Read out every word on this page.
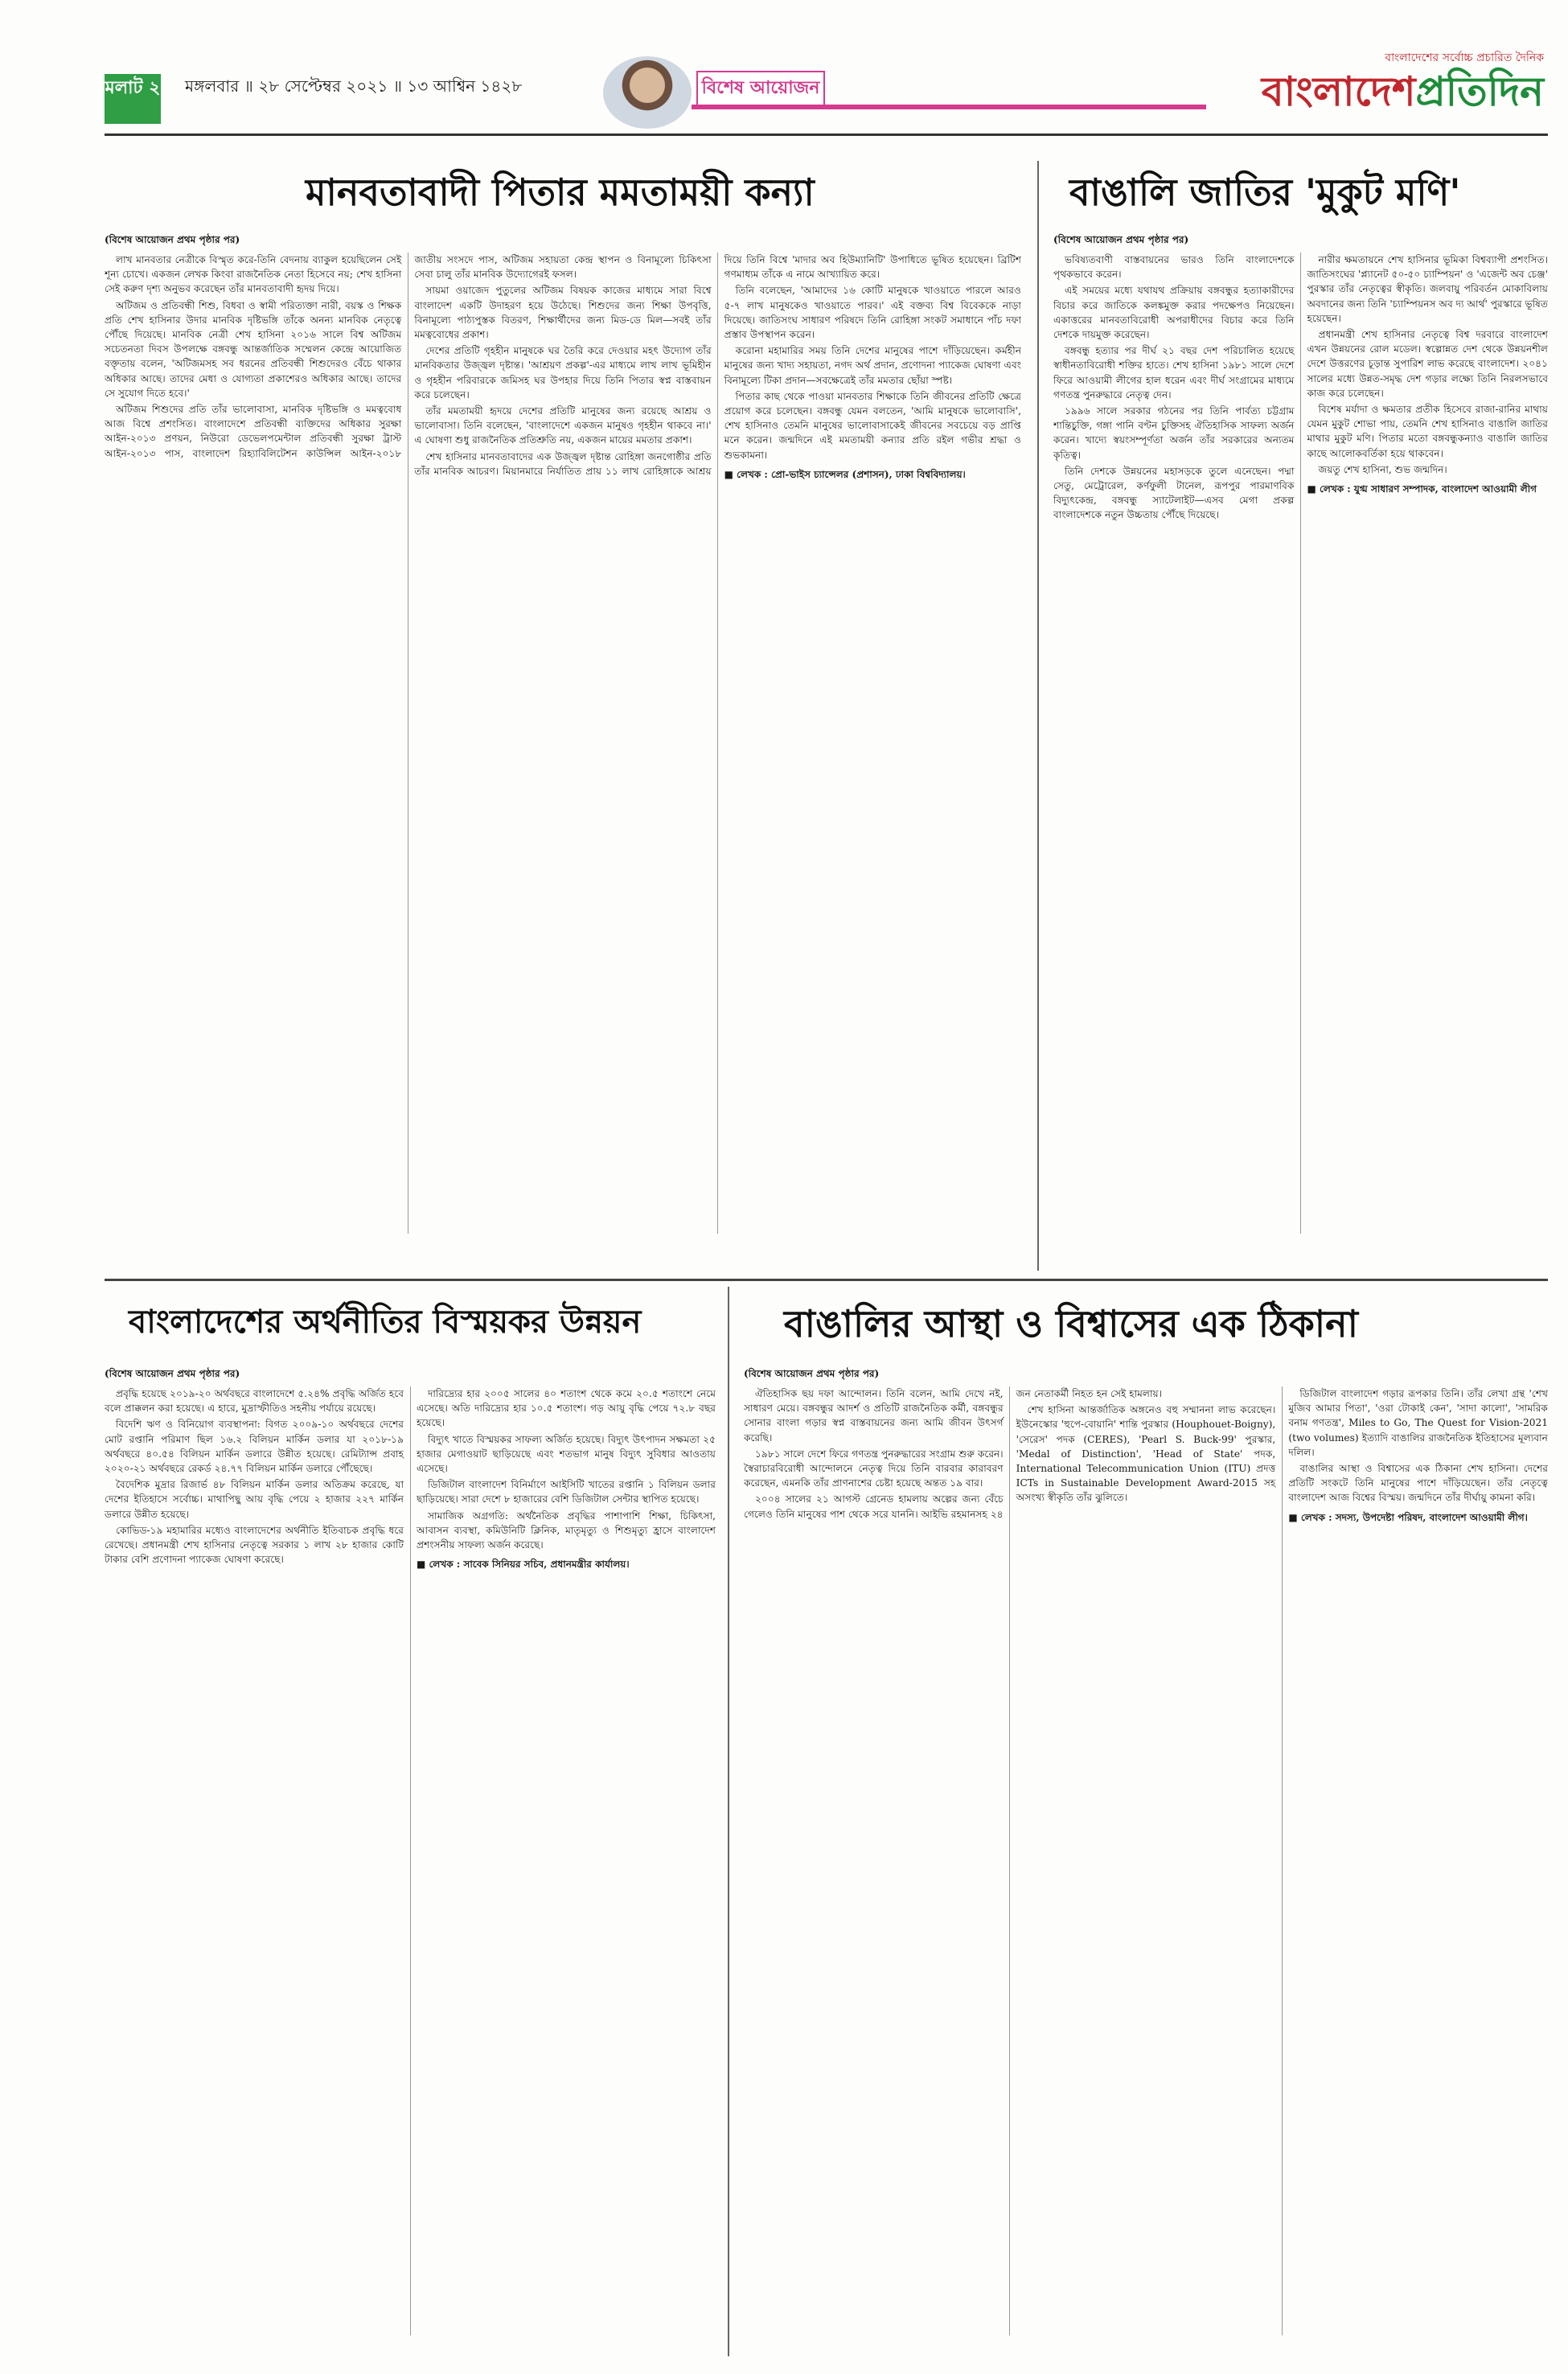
মলাট ২ মঙ্গলবার ॥ ২৮ সেপ্টেম্বর ২০২১ ॥ ১৩ আশ্বিন ১৪২৮	বিশেষ আয়োজন
বাংলাদেশের সর্বোচ্চ প্রচারিত দৈনিক
বাংলাদেশপ্রতিদিন
মানবতাবাদী পিতার মমতাময়ী কন্যা
(বিশেষ আয়োজন প্রথম পৃষ্ঠার পর)

লাখ মানবতার নেত্রীকে বিস্মৃত করে-তিনি বেদনায় ব্যাকুল হয়েছিলেন সেই শূন্য চোখে। একজন লেখক কিংবা রাজনৈতিক নেতা হিসেবে নয়; শেখ হাসিনা সেই করুণ দৃশ্য অনুভব করেছেন তাঁর মানবতাবাদী হৃদয় দিয়ে।

অটিজম ও প্রতিবন্ধী শিশু, বিধবা ও স্বামী পরিত্যক্তা নারী, বয়স্ক ও শিক্ষক প্রতি শেখ হাসিনার উদার মানবিক দৃষ্টিভঙ্গি তাঁকে অনন্য মানবিক নেতৃত্বে পৌঁছে দিয়েছে। মানবিক নেত্রী শেখ হাসিনা ২০১৬ সালে বিশ্ব অটিজম সচেতনতা দিবস উপলক্ষে বঙ্গবন্ধু আন্তর্জাতিক সম্মেলন কেন্দ্রে আয়োজিত বক্তৃতায় বলেন, 'অটিজমসহ সব ধরনের প্রতিবন্ধী শিশুদেরও বেঁচে থাকার অধিকার আছে। তাদের মেধা ও যোগ্যতা প্রকাশেরও অধিকার আছে। তাদের সে সুযোগ দিতে হবে।'

অটিজম শিশুদের প্রতি তাঁর ভালোবাসা, মানবিক দৃষ্টিভঙ্গি ও মমত্ববোধ আজ বিশ্বে প্রশংসিত। বাংলাদেশে প্রতিবন্ধী ব্যক্তিদের অধিকার সুরক্ষা আইন-২০১৩ প্রণয়ন, নিউরো ডেভেলপমেন্টাল প্রতিবন্ধী সুরক্ষা ট্রাস্ট আইন-২০১৩ পাস, বাংলাদেশ রিহ্যাবিলিটেশন কাউন্সিল আইন-২০১৮ জাতীয় সংসদে পাস, অটিজম সহায়তা কেন্দ্র স্থাপন ও বিনামূল্যে চিকিৎসা সেবা চালু তাঁর মানবিক উদ্যোগেরই ফসল।

সায়মা ওয়াজেদ পুতুলের অটিজম বিষয়ক কাজের মাধ্যমে সারা বিশ্বে বাংলাদেশ একটি উদাহরণ হয়ে উঠেছে। শিশুদের জন্য শিক্ষা উপবৃত্তি, বিনামূল্যে পাঠ্যপুস্তক বিতরণ, শিক্ষার্থীদের জন্য মিড-ডে মিল—সবই তাঁর মমত্ববোধের প্রকাশ।

দেশের প্রতিটি গৃহহীন মানুষকে ঘর তৈরি করে দেওয়ার মহৎ উদ্যোগ তাঁর মানবিকতার উজ্জ্বল দৃষ্টান্ত। 'আশ্রয়ণ প্রকল্প'-এর মাধ্যমে লাখ লাখ ভূমিহীন ও গৃহহীন পরিবারকে জমিসহ ঘর উপহার দিয়ে তিনি পিতার স্বপ্ন বাস্তবায়ন করে চলেছেন।

তাঁর মমতাময়ী হৃদয়ে দেশের প্রতিটি মানুষের জন্য রয়েছে আশ্রয় ও ভালোবাসা। তিনি বলেছেন, 'বাংলাদেশে একজন মানুষও গৃহহীন থাকবে না।' এ ঘোষণা শুধু রাজনৈতিক প্রতিশ্রুতি নয়, একজন মায়ের মমতার প্রকাশ।

শেখ হাসিনার মানবতাবাদের এক উজ্জ্বল দৃষ্টান্ত রোহিঙ্গা জনগোষ্ঠীর প্রতি তাঁর মানবিক আচরণ। মিয়ানমারে নির্যাতিত প্রায় ১১ লাখ রোহিঙ্গাকে আশ্রয় দিয়ে তিনি বিশ্বে 'মাদার অব হিউম্যানিটি' উপাধিতে ভূষিত হয়েছেন। ব্রিটিশ গণমাধ্যম তাঁকে এ নামে আখ্যায়িত করে।

তিনি বলেছেন, 'আমাদের ১৬ কোটি মানুষকে খাওয়াতে পারলে আরও ৫-৭ লাখ মানুষকেও খাওয়াতে পারব।' এই বক্তব্য বিশ্ব বিবেককে নাড়া দিয়েছে। জাতিসংঘ সাধারণ পরিষদে তিনি রোহিঙ্গা সংকট সমাধানে পাঁচ দফা প্রস্তাব উপস্থাপন করেন।

করোনা মহামারির সময় তিনি দেশের মানুষের পাশে দাঁড়িয়েছেন। কর্মহীন মানুষের জন্য খাদ্য সহায়তা, নগদ অর্থ প্রদান, প্রণোদনা প্যাকেজ ঘোষণা এবং বিনামূল্যে টিকা প্রদান—সবক্ষেত্রেই তাঁর মমতার ছোঁয়া স্পষ্ট।

পিতার কাছ থেকে পাওয়া মানবতার শিক্ষাকে তিনি জীবনের প্রতিটি ক্ষেত্রে প্রয়োগ করে চলেছেন। বঙ্গবন্ধু যেমন বলতেন, 'আমি মানুষকে ভালোবাসি', শেখ হাসিনাও তেমনি মানুষের ভালোবাসাকেই জীবনের সবচেয়ে বড় প্রাপ্তি মনে করেন। জন্মদিনে এই মমতাময়ী কন্যার প্রতি রইল গভীর শ্রদ্ধা ও শুভকামনা।

■ লেখক : প্রো-ভাইস চ্যান্সেলর (প্রশাসন), ঢাকা বিশ্ববিদ্যালয়।
বাঙালি জাতির 'মুকুট মণি'
(বিশেষ আয়োজন প্রথম পৃষ্ঠার পর)

ভবিষ্যতবাণী বাস্তবায়নের ভারও তিনি বাংলাদেশকে পৃথকভাবে করেন।

এই সময়ের মধ্যে যথাযথ প্রক্রিয়ায় বঙ্গবন্ধুর হত্যাকারীদের বিচার করে জাতিকে কলঙ্কমুক্ত করার পদক্ষেপও নিয়েছেন। একাত্তরের মানবতাবিরোধী অপরাধীদের বিচার করে তিনি দেশকে দায়মুক্ত করেছেন।

বঙ্গবন্ধু হত্যার পর দীর্ঘ ২১ বছর দেশ পরিচালিত হয়েছে স্বাধীনতাবিরোধী শক্তির হাতে। শেখ হাসিনা ১৯৮১ সালে দেশে ফিরে আওয়ামী লীগের হাল ধরেন এবং দীর্ঘ সংগ্রামের মাধ্যমে গণতন্ত্র পুনরুদ্ধারে নেতৃত্ব দেন।

১৯৯৬ সালে সরকার গঠনের পর তিনি পার্বত্য চট্টগ্রাম শান্তিচুক্তি, গঙ্গা পানি বণ্টন চুক্তিসহ ঐতিহাসিক সাফল্য অর্জন করেন। খাদ্যে স্বয়ংসম্পূর্ণতা অর্জন তাঁর সরকারের অন্যতম কৃতিত্ব।

তিনি দেশকে উন্নয়নের মহাসড়কে তুলে এনেছেন। পদ্মা সেতু, মেট্রোরেল, কর্ণফুলী টানেল, রূপপুর পারমাণবিক বিদ্যুৎকেন্দ্র, বঙ্গবন্ধু স্যাটেলাইট—এসব মেগা প্রকল্প বাংলাদেশকে নতুন উচ্চতায় পৌঁছে দিয়েছে।

নারীর ক্ষমতায়নে শেখ হাসিনার ভূমিকা বিশ্বব্যাপী প্রশংসিত। জাতিসংঘের 'প্ল্যানেট ৫০-৫০ চ্যাম্পিয়ন' ও 'এজেন্ট অব চেঞ্জ' পুরস্কার তাঁর নেতৃত্বের স্বীকৃতি। জলবায়ু পরিবর্তন মোকাবিলায় অবদানের জন্য তিনি 'চ্যাম্পিয়নস অব দ্য আর্থ' পুরস্কারে ভূষিত হয়েছেন।

প্রধানমন্ত্রী শেখ হাসিনার নেতৃত্বে বিশ্ব দরবারে বাংলাদেশ এখন উন্নয়নের রোল মডেল। স্বল্পোন্নত দেশ থেকে উন্নয়নশীল দেশে উত্তরণের চূড়ান্ত সুপারিশ লাভ করেছে বাংলাদেশ। ২০৪১ সালের মধ্যে উন্নত-সমৃদ্ধ দেশ গড়ার লক্ষ্যে তিনি নিরলসভাবে কাজ করে চলেছেন।

বিশেষ মর্যাদা ও ক্ষমতার প্রতীক হিসেবে রাজা-রানির মাথায় যেমন মুকুট শোভা পায়, তেমনি শেখ হাসিনাও বাঙালি জাতির মাথার মুকুট মণি। পিতার মতো বঙ্গবন্ধুকন্যাও বাঙালি জাতির কাছে আলোকবর্তিকা হয়ে থাকবেন।

জয়তু শেখ হাসিনা, শুভ জন্মদিন।

■ লেখক : যুগ্ম সাধারণ সম্পাদক, বাংলাদেশ আওয়ামী লীগ
বাংলাদেশের অর্থনীতির বিস্ময়কর উন্নয়ন
(বিশেষ আয়োজন প্রথম পৃষ্ঠার পর)

প্রবৃদ্ধি হয়েছে ২০১৯-২০ অর্থবছরে বাংলাদেশে ৫.২৪% প্রবৃদ্ধি অর্জিত হবে বলে প্রাক্কলন করা হয়েছে। এ হারে, মুদ্রাস্ফীতিও সহনীয় পর্যায়ে রয়েছে।

বিদেশি ঋণ ও বিনিয়োগ ব্যবস্থাপনা: বিগত ২০০৯-১০ অর্থবছরে দেশের মোট রপ্তানি পরিমাণ ছিল ১৬.২ বিলিয়ন মার্কিন ডলার যা ২০১৮-১৯ অর্থবছরে ৪০.৫৪ বিলিয়ন মার্কিন ডলারে উন্নীত হয়েছে। রেমিট্যান্স প্রবাহ ২০২০-২১ অর্থবছরে রেকর্ড ২৪.৭৭ বিলিয়ন মার্কিন ডলারে পৌঁছেছে।

বৈদেশিক মুদ্রার রিজার্ভ ৪৮ বিলিয়ন মার্কিন ডলার অতিক্রম করেছে, যা দেশের ইতিহাসে সর্বোচ্চ। মাথাপিছু আয় বৃদ্ধি পেয়ে ২ হাজার ২২৭ মার্কিন ডলারে উন্নীত হয়েছে।

কোভিড-১৯ মহামারির মধ্যেও বাংলাদেশের অর্থনীতি ইতিবাচক প্রবৃদ্ধি ধরে রেখেছে। প্রধানমন্ত্রী শেখ হাসিনার নেতৃত্বে সরকার ১ লাখ ২৮ হাজার কোটি টাকার বেশি প্রণোদনা প্যাকেজ ঘোষণা করেছে।

দারিদ্র্যের হার ২০০৫ সালের ৪০ শতাংশ থেকে কমে ২০.৫ শতাংশে নেমে এসেছে। অতি দারিদ্র্যের হার ১০.৫ শতাংশ। গড় আয়ু বৃদ্ধি পেয়ে ৭২.৮ বছর হয়েছে।

বিদ্যুৎ খাতে বিস্ময়কর সাফল্য অর্জিত হয়েছে। বিদ্যুৎ উৎপাদন সক্ষমতা ২৫ হাজার মেগাওয়াট ছাড়িয়েছে এবং শতভাগ মানুষ বিদ্যুৎ সুবিধার আওতায় এসেছে।

ডিজিটাল বাংলাদেশ বিনির্মাণে আইসিটি খাতের রপ্তানি ১ বিলিয়ন ডলার ছাড়িয়েছে। সারা দেশে ৮ হাজারের বেশি ডিজিটাল সেন্টার স্থাপিত হয়েছে।

সামাজিক অগ্রগতি: অর্থনৈতিক প্রবৃদ্ধির পাশাপাশি শিক্ষা, চিকিৎসা, আবাসন ব্যবস্থা, কমিউনিটি ক্লিনিক, মাতৃমৃত্যু ও শিশুমৃত্যু হ্রাসে বাংলাদেশ প্রশংসনীয় সাফল্য অর্জন করেছে।

■ লেখক : সাবেক সিনিয়র সচিব, প্রধানমন্ত্রীর কার্যালয়।
বাঙালির আস্থা ও বিশ্বাসের এক ঠিকানা
(বিশেষ আয়োজন প্রথম পৃষ্ঠার পর)

ঐতিহাসিক ছয় দফা আন্দোলন। তিনি বলেন, আমি দেখে নই, সাধারণ মেয়ে। বঙ্গবন্ধুর আদর্শ ও প্রতিটি রাজনৈতিক কর্মী, বঙ্গবন্ধুর সোনার বাংলা গড়ার স্বপ্ন বাস্তবায়নের জন্য আমি জীবন উৎসর্গ করেছি।

১৯৮১ সালে দেশে ফিরে গণতন্ত্র পুনরুদ্ধারের সংগ্রাম শুরু করেন। স্বৈরাচারবিরোধী আন্দোলনে নেতৃত্ব দিয়ে তিনি বারবার কারাবরণ করেছেন, এমনকি তাঁর প্রাণনাশের চেষ্টা হয়েছে অন্তত ১৯ বার।

২০০৪ সালের ২১ আগস্ট গ্রেনেড হামলায় অল্পের জন্য বেঁচে গেলেও তিনি মানুষের পাশ থেকে সরে যাননি। আইভি রহমানসহ ২৪ জন নেতাকর্মী নিহত হন সেই হামলায়।

শেখ হাসিনা আন্তর্জাতিক অঙ্গনেও বহু সম্মাননা লাভ করেছেন। ইউনেস্কোর 'হুপে-বোয়ানি' শান্তি পুরস্কার (Houphouet-Boigny), 'সেরেস' পদক (CERES), 'Pearl S. Buck-99' পুরস্কার, 'Medal of Distinction', 'Head of State' পদক, International Telecommunication Union (ITU) প্রদত্ত ICTs in Sustainable Development Award-2015 সহ অসংখ্য স্বীকৃতি তাঁর ঝুলিতে।

ডিজিটাল বাংলাদেশ গড়ার রূপকার তিনি। তাঁর লেখা গ্রন্থ 'শেখ মুজিব আমার পিতা', 'ওরা টোকাই কেন', 'সাদা কালো', 'সামরিক বনাম গণতন্ত্র', Miles to Go, The Quest for Vision-2021 (two volumes) ইত্যাদি বাঙালির রাজনৈতিক ইতিহাসের মূল্যবান দলিল।

বাঙালির আস্থা ও বিশ্বাসের এক ঠিকানা শেখ হাসিনা। দেশের প্রতিটি সংকটে তিনি মানুষের পাশে দাঁড়িয়েছেন। তাঁর নেতৃত্বে বাংলাদেশ আজ বিশ্বের বিস্ময়। জন্মদিনে তাঁর দীর্ঘায়ু কামনা করি।

■ লেখক : সদস্য, উপদেষ্টা পরিষদ, বাংলাদেশ আওয়ামী লীগ।
